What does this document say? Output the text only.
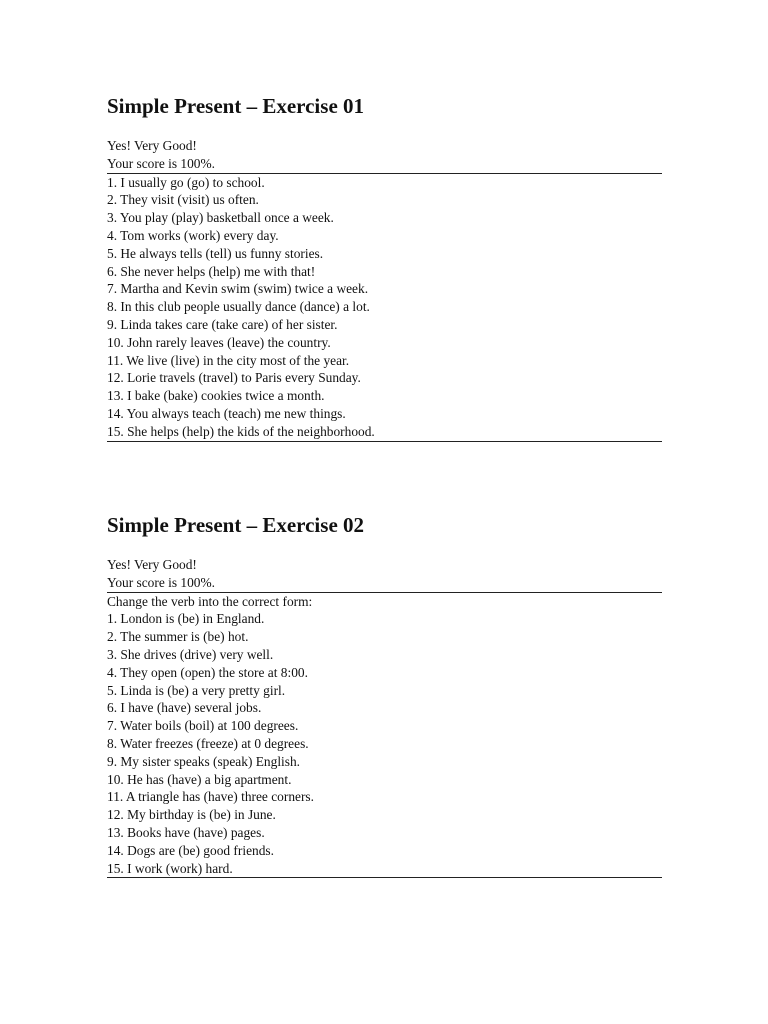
Simple Present – Exercise 01
Yes! Very Good!
Your score is 100%.
1. I usually go (go) to school.
2. They visit (visit) us often.
3. You play (play) basketball once a week.
4. Tom works (work) every day.
5. He always tells (tell) us funny stories.
6. She never helps (help) me with that!
7. Martha and Kevin swim (swim) twice a week.
8. In this club people usually dance (dance) a lot.
9. Linda takes care (take care) of her sister.
10. John rarely leaves (leave) the country.
11. We live (live) in the city most of the year.
12. Lorie travels (travel) to Paris every Sunday.
13. I bake (bake) cookies twice a month.
14. You always teach (teach) me new things.
15. She helps (help) the kids of the neighborhood.
Simple Present – Exercise 02
Yes! Very Good!
Your score is 100%.
Change the verb into the correct form:
1. London is (be) in England.
2. The summer is (be) hot.
3. She drives (drive) very well.
4. They open (open) the store at 8:00.
5. Linda is (be) a very pretty girl.
6. I have (have) several jobs.
7. Water boils (boil) at 100 degrees.
8. Water freezes (freeze) at 0 degrees.
9. My sister speaks (speak) English.
10. He has (have) a big apartment.
11. A triangle has (have) three corners.
12. My birthday is (be) in June.
13. Books have (have) pages.
14. Dogs are (be) good friends.
15. I work (work) hard.
